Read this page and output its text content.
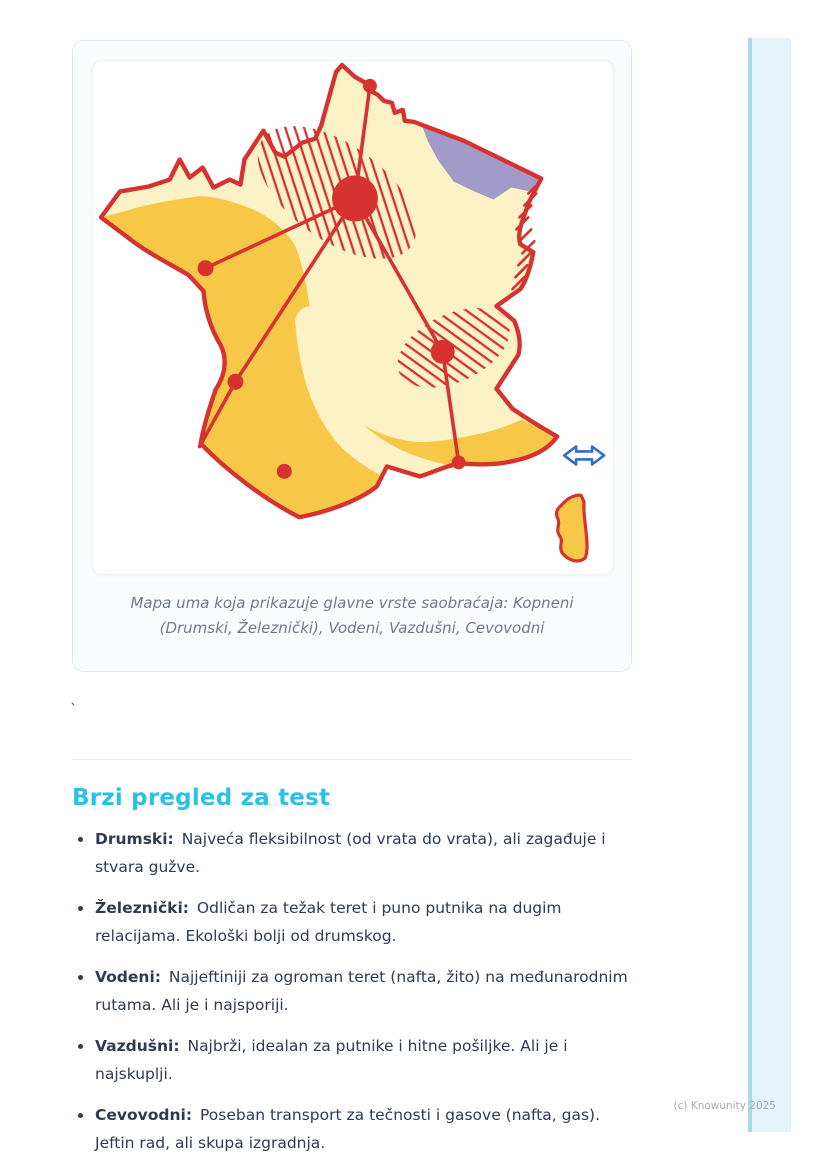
Mapa uma koja prikazuje glavne vrste saobraćaja: Kopneni (Drumski, Železnički), Vodeni, Vazdušni, Cevovodni
`
Brzi pregled za test
Drumski: Najveća fleksibilnost (od vrata do vrata), ali zagađuje i stvara gužve.
Železnički: Odličan za težak teret i puno putnika na dugim relacijama. Ekološki bolji od drumskog.
Vodeni: Najjeftiniji za ogroman teret (nafta, žito) na međunarodnim rutama. Ali je i najsporiji.
Vazdušni: Najbrži, idealan za putnike i hitne pošiljke. Ali je i najskuplji.
Cevovodni: Poseban transport za tečnosti i gasove (nafta, gas). Jeftin rad, ali skupa izgradnja.
(c) Knowunity 2025
